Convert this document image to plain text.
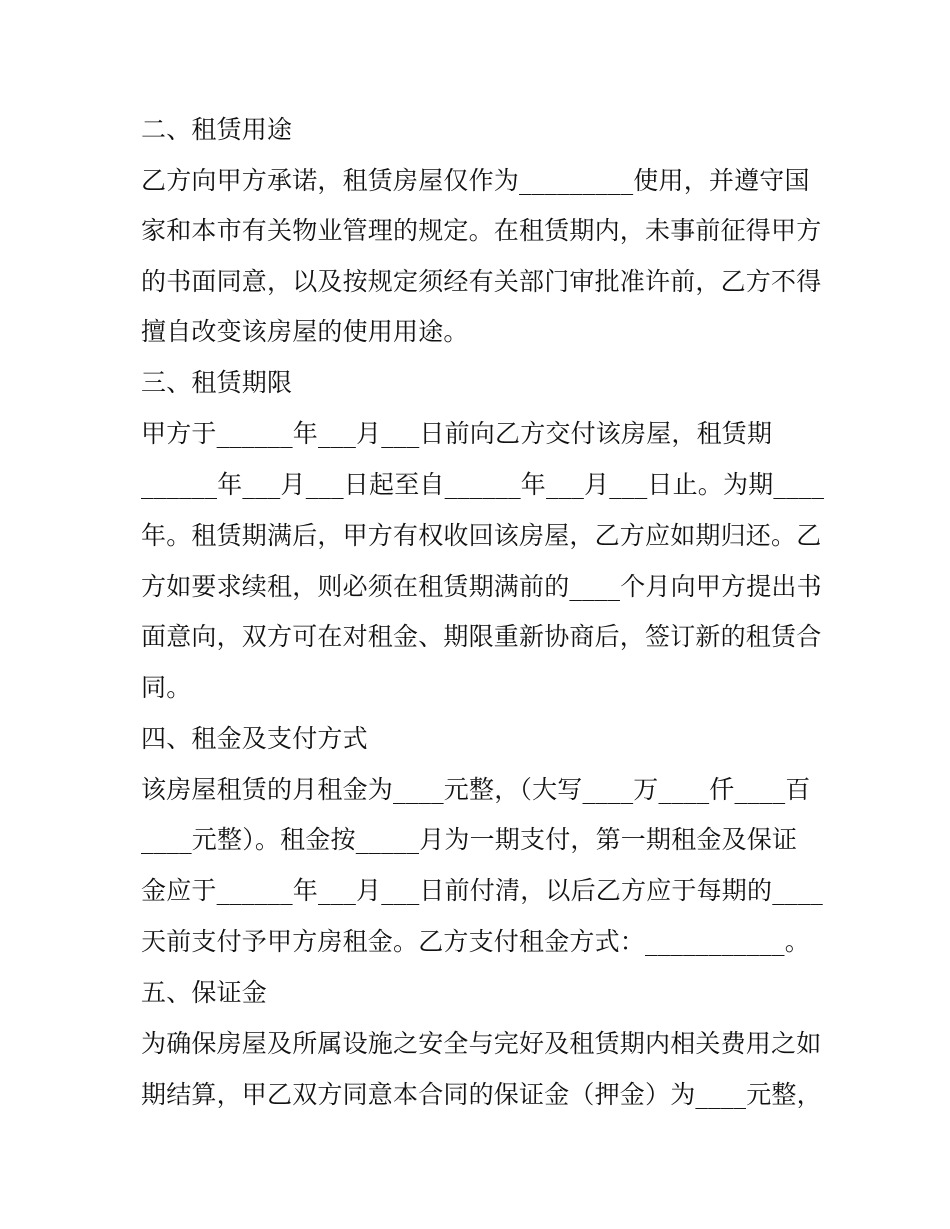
二、租赁用途
乙方向甲方承诺，租赁房屋仅作为_________使用，并遵守国
家和本市有关物业管理的规定。在租赁期内，未事前征得甲方
的书面同意，以及按规定须经有关部门审批准许前，乙方不得
擅自改变该房屋的使用用途。
三、租赁期限
甲方于______年___月___日前向乙方交付该房屋，租赁期
______年___月___日起至自______年___月___日止。为期____
年。租赁期满后，甲方有权收回该房屋，乙方应如期归还。乙
方如要求续租，则必须在租赁期满前的____个月向甲方提出书
面意向，双方可在对租金、期限重新协商后，签订新的租赁合
同。
四、租金及支付方式
该房屋租赁的月租金为____元整，（大写____万____仟____百
____元整）。租金按_____月为一期支付，第一期租金及保证
金应于______年___月___日前付清，以后乙方应于每期的____
天前支付予甲方房租金。乙方支付租金方式：___________。
五、保证金
为确保房屋及所属设施之安全与完好及租赁期内相关费用之如
期结算，甲乙双方同意本合同的保证金（押金）为____元整，
